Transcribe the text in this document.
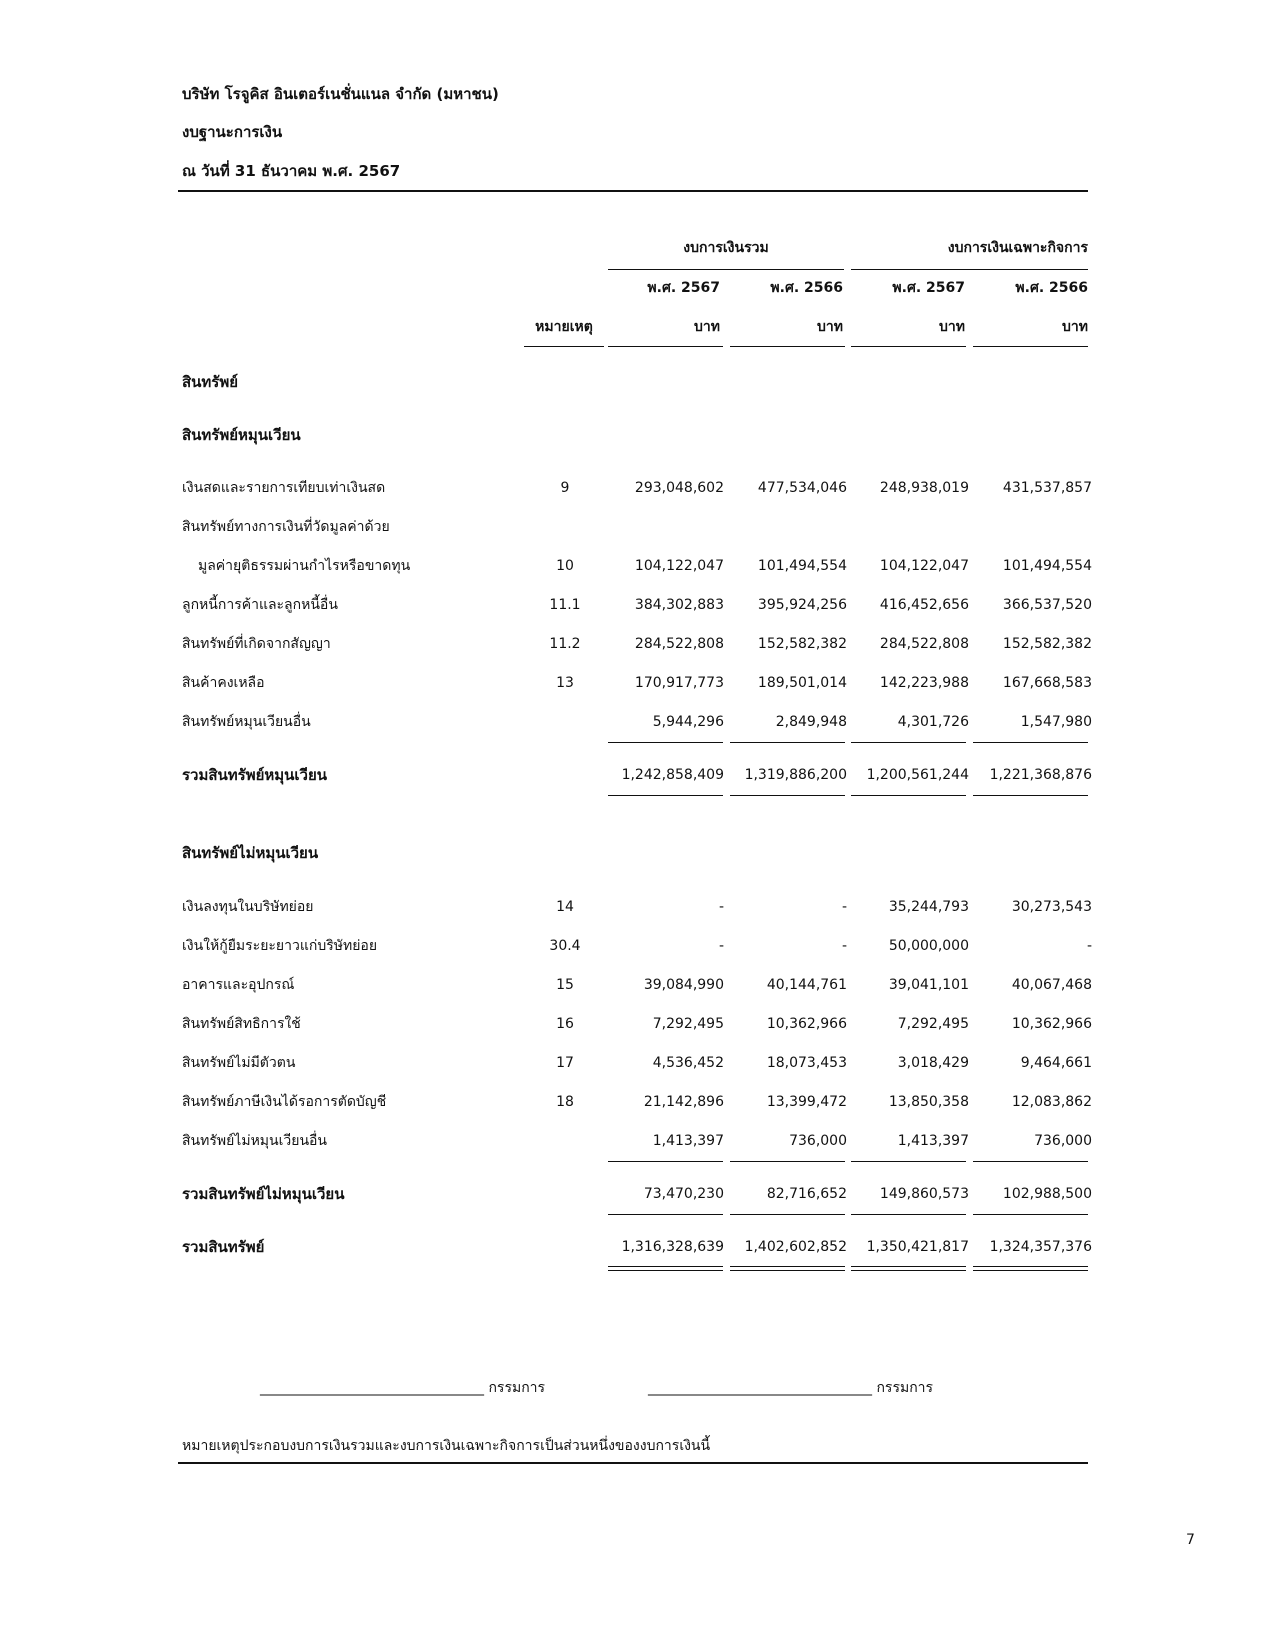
บริษัท โรจูคิส อินเตอร์เนชั่นแนล จำกัด (มหาชน)
งบฐานะการเงิน
ณ วันที่ 31 ธันวาคม พ.ศ. 2567
งบการเงินรวม	งบการเงินเฉพาะกิจการ
พ.ศ. 2567	พ.ศ. 2566	พ.ศ. 2567	พ.ศ. 2566
หมายเหตุ	บาท	บาท	บาท	บาท
สินทรัพย์
สินทรัพย์หมุนเวียน
เงินสดและรายการเทียบเท่าเงินสด	9	293,048,602	477,534,046	248,938,019	431,537,857
สินทรัพย์ทางการเงินที่วัดมูลค่าด้วย
มูลค่ายุติธรรมผ่านกำไรหรือขาดทุน	10	104,122,047	101,494,554	104,122,047	101,494,554
ลูกหนี้การค้าและลูกหนี้อื่น	11.1	384,302,883	395,924,256	416,452,656	366,537,520
สินทรัพย์ที่เกิดจากสัญญา	11.2	284,522,808	152,582,382	284,522,808	152,582,382
สินค้าคงเหลือ	13	170,917,773	189,501,014	142,223,988	167,668,583
สินทรัพย์หมุนเวียนอื่น	5,944,296	2,849,948	4,301,726	1,547,980
รวมสินทรัพย์หมุนเวียน	1,242,858,409	1,319,886,200	1,200,561,244	1,221,368,876
สินทรัพย์ไม่หมุนเวียน
เงินลงทุนในบริษัทย่อย	14	-	-	35,244,793	30,273,543
เงินให้กู้ยืมระยะยาวแก่บริษัทย่อย	30.4	-	-	50,000,000	-
อาคารและอุปกรณ์	15	39,084,990	40,144,761	39,041,101	40,067,468
สินทรัพย์สิทธิการใช้	16	7,292,495	10,362,966	7,292,495	10,362,966
สินทรัพย์ไม่มีตัวตน	17	4,536,452	18,073,453	3,018,429	9,464,661
สินทรัพย์ภาษีเงินได้รอการตัดบัญชี	18	21,142,896	13,399,472	13,850,358	12,083,862
สินทรัพย์ไม่หมุนเวียนอื่น	1,413,397	736,000	1,413,397	736,000
รวมสินทรัพย์ไม่หมุนเวียน	73,470,230	82,716,652	149,860,573	102,988,500
รวมสินทรัพย์	1,316,328,639	1,402,602,852	1,350,421,817	1,324,357,376
________________________________ กรรมการ	________________________________ กรรมการ
หมายเหตุประกอบงบการเงินรวมและงบการเงินเฉพาะกิจการเป็นส่วนหนึ่งของงบการเงินนี้
7
